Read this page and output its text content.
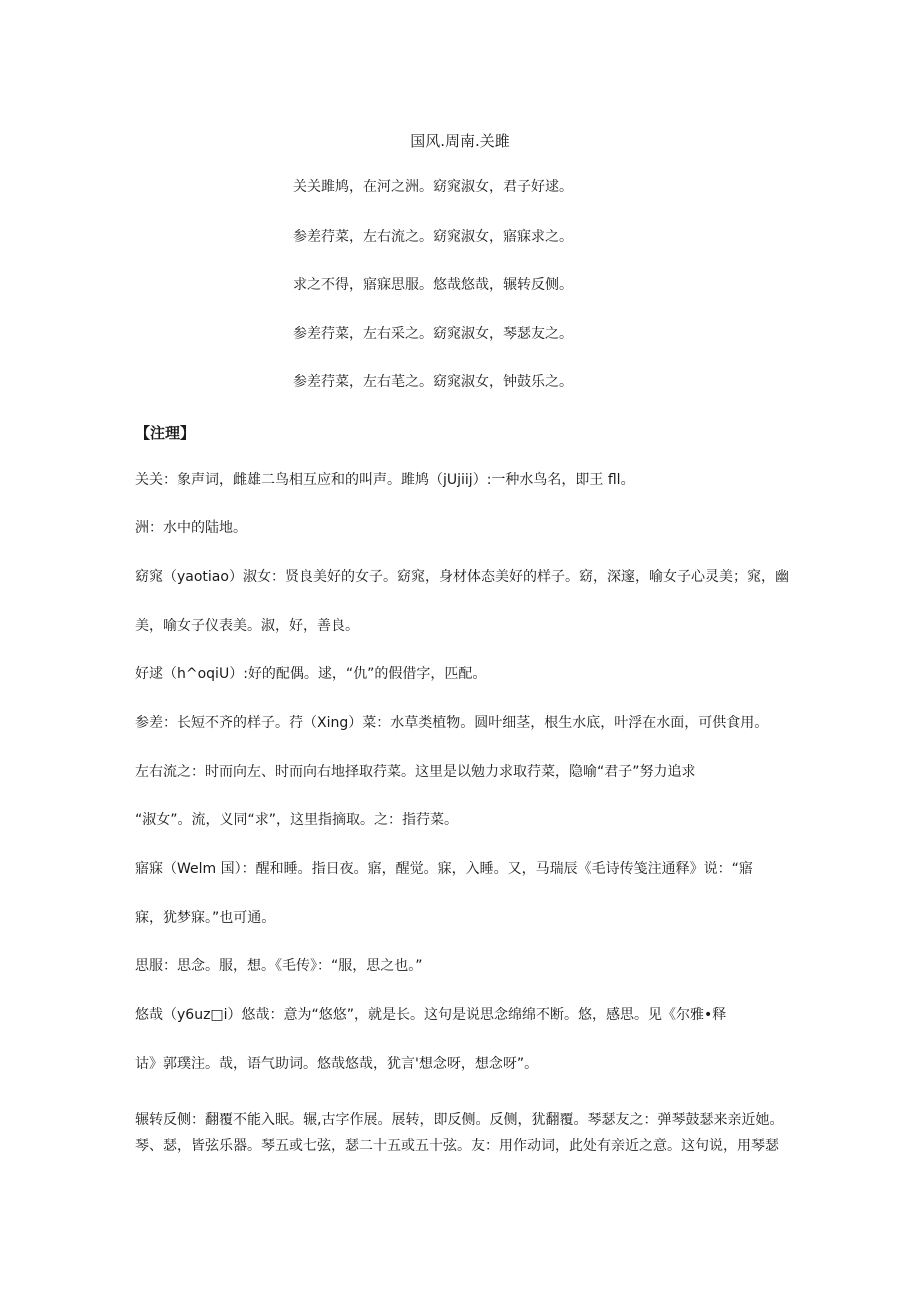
国风.周南.关雎
关关雎鸠，在河之洲。窈窕淑女，君子好逑。
参差荇菜，左右流之。窈窕淑女，寤寐求之。
求之不得，寤寐思服。悠哉悠哉，辗转反侧。
参差荇菜，左右采之。窈窕淑女，琴瑟友之。
参差荇菜，左右芼之。窈窕淑女，钟鼓乐之。
【注理】
关关：象声词，雌雄二鸟相互应和的叫声。雎鸠（jUjiij）:一种水鸟名，即王 fll。
洲：水中的陆地。
窈窕（yaotiao）淑女：贤良美好的女子。窈窕，身材体态美好的样子。窈，深邃，喻女子心灵美；窕，幽
美，喻女子仪表美。淑，好，善良。
好逑（h^oqiU）:好的配偶。逑，“仇”的假借字，匹配。
参差：长短不齐的样子。荇（Xing）菜：水草类植物。圆叶细茎，根生水底，叶浮在水面，可供食用。
左右流之：时而向左、时而向右地择取荇菜。这里是以勉力求取荇菜，隐喻“君子”努力追求
“淑女”。流，义同“求”，这里指摘取。之：指荇菜。
寤寐（Welm 国）：醒和睡。指日夜。寤，醒觉。寐，入睡。又，马瑞辰《毛诗传笺注通释》说：“寤
寐，犹梦寐。”也可通。
思服：思念。服，想。《毛传》：“服，思之也。”
悠哉（y6uz□i）悠哉：意为“悠悠”，就是长。这句是说思念绵绵不断。悠，感思。见《尔雅•释
诂》郭璞注。哉，语气助词。悠哉悠哉，犹言'想念呀，想念呀”。
辗转反侧：翻覆不能入眠。辗,古字作展。展转，即反侧。反侧，犹翻覆。琴瑟友之：弹琴鼓瑟来亲近她。
琴、瑟，皆弦乐器。琴五或七弦，瑟二十五或五十弦。友：用作动词，此处有亲近之意。这句说，用琴瑟
